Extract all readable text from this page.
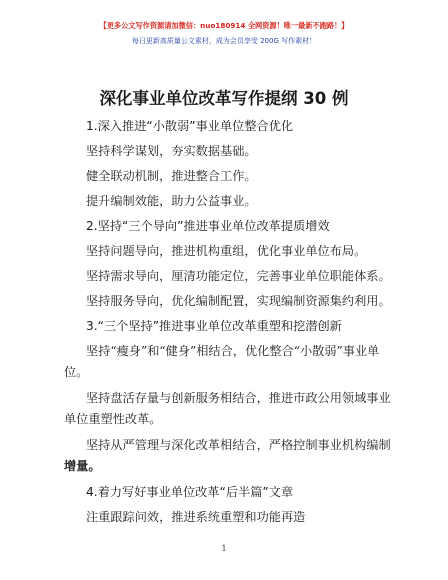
【更多公文写作资源请加微信：nuo180914 全网资源！唯一最新不跑路！】
每日更新高质量公文素材，成为会员享受 200G 写作素材！
深化事业单位改革写作提纲 30 例
1.深入推进“小散弱”事业单位整合优化
坚持科学谋划，夯实数据基础。
健全联动机制，推进整合工作。
提升编制效能，助力公益事业。
2.坚持“三个导向”推进事业单位改革提质增效
坚持问题导向，推进机构重组，优化事业单位布局。
坚持需求导向，厘清功能定位，完善事业单位职能体系。
坚持服务导向，优化编制配置，实现编制资源集约利用。
3.“三个坚持”推进事业单位改革重塑和挖潜创新
坚持“瘦身”和“健身”相结合，优化整合“小散弱”事业单
位。
坚持盘活存量与创新服务相结合，推进市政公用领域事业
单位重塑性改革。
坚持从严管理与深化改革相结合，严格控制事业机构编制
增量。
4.着力写好事业单位改革“后半篇”文章
注重跟踪问效，推进系统重塑和功能再造
1
